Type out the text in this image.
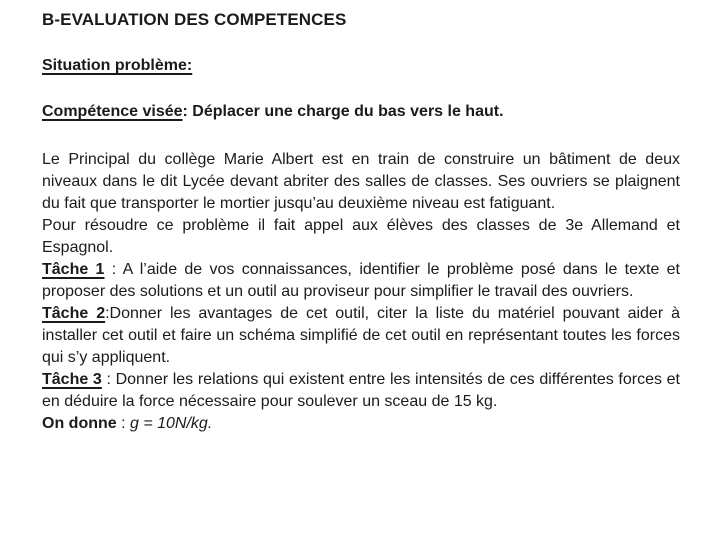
B-EVALUATION DES COMPETENCES
Situation problème:
Compétence visée: Déplacer une charge du bas vers le haut.

Le Principal du collège Marie Albert est en train de construire un bâtiment de deux niveaux dans le dit Lycée devant abriter des salles de classes. Ses ouvriers se plaignent du fait que transporter le mortier jusqu’au deuxième niveau est fatiguant.

Pour résoudre ce problème il fait appel aux élèves des classes de 3e Allemand et Espagnol.

Tâche 1 : A l’aide de vos connaissances, identifier le problème posé dans le texte et proposer des solutions et un outil au proviseur pour simplifier le travail des ouvriers.

Tâche 2:Donner les avantages de cet outil, citer la liste du matériel pouvant aider à installer cet outil et faire un schéma simplifié de cet outil en représentant toutes les forces qui s’y appliquent.

Tâche 3 : Donner les relations qui existent entre les intensités de ces différentes forces et en déduire la force nécessaire pour soulever un sceau de 15 kg.

On donne : g = 10N/kg.
